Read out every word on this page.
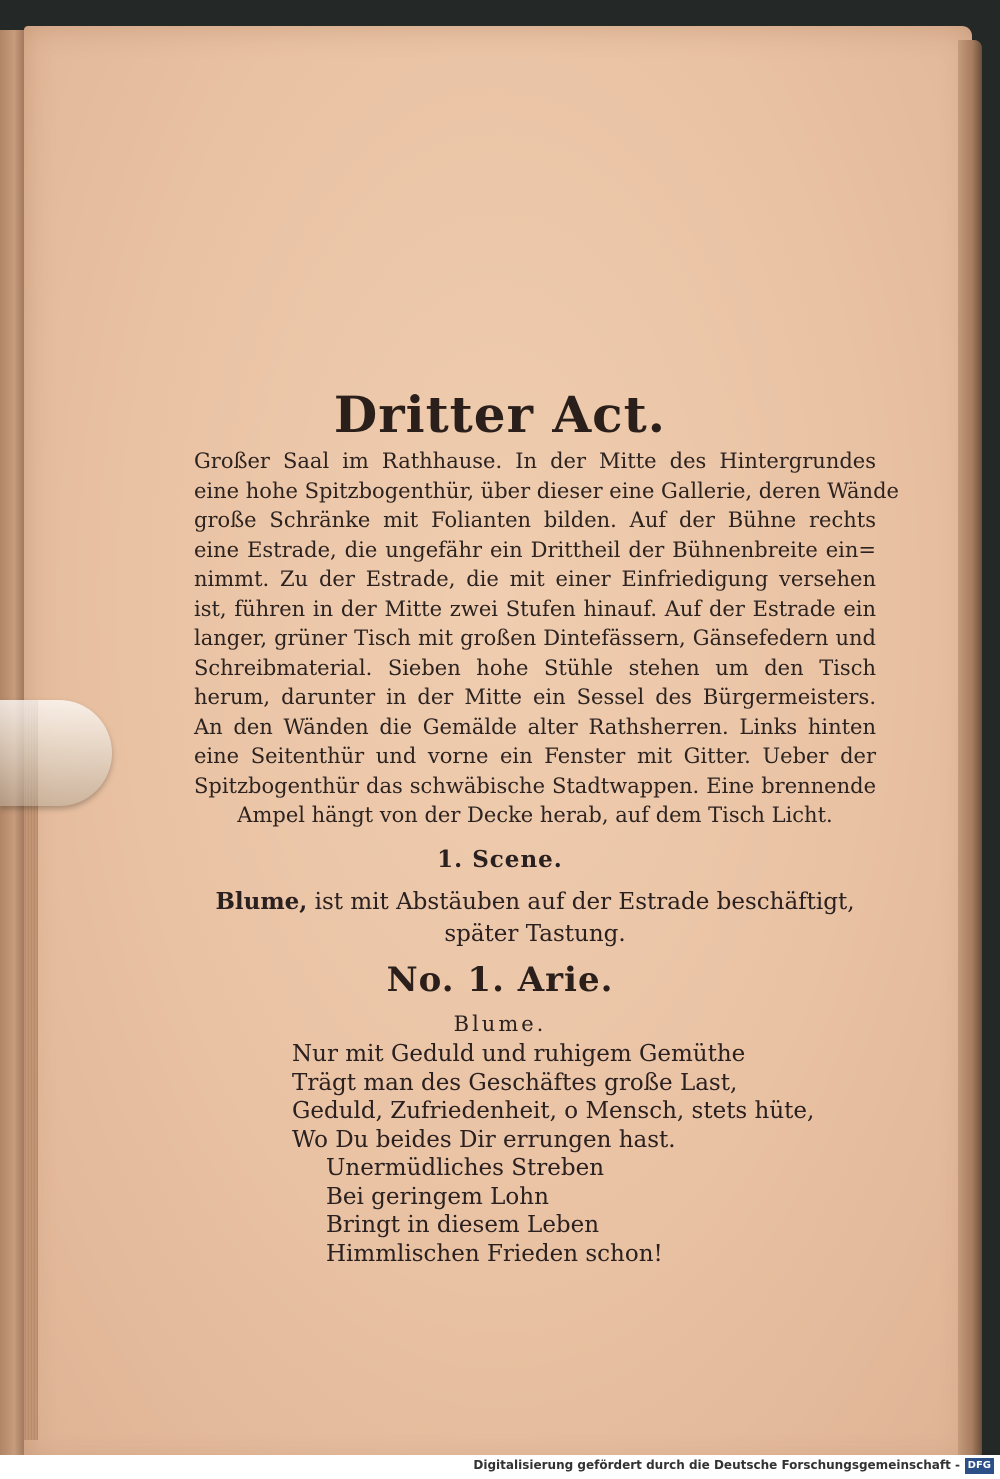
Dritter Act.
Großer Saal im Rathhause. In der Mitte des Hintergrundes
eine hohe Spitzbogenthür, über dieser eine Gallerie, deren Wände
große Schränke mit Folianten bilden. Auf der Bühne rechts
eine Estrade, die ungefähr ein Drittheil der Bühnenbreite ein=
nimmt. Zu der Estrade, die mit einer Einfriedigung versehen
ist, führen in der Mitte zwei Stufen hinauf. Auf der Estrade ein
langer, grüner Tisch mit großen Dintefässern, Gänsefedern und
Schreibmaterial. Sieben hohe Stühle stehen um den Tisch
herum, darunter in der Mitte ein Sessel des Bürgermeisters.
An den Wänden die Gemälde alter Rathsherren. Links hinten
eine Seitenthür und vorne ein Fenster mit Gitter. Ueber der
Spitzbogenthür das schwäbische Stadtwappen. Eine brennende
Ampel hängt von der Decke herab, auf dem Tisch Licht.
1. Scene.
Blume, ist mit Abstäuben auf der Estrade beschäftigt,
später Tastung.
No. 1. Arie.
Blume.
Nur mit Geduld und ruhigem Gemüthe
Trägt man des Geschäftes große Last,
Geduld, Zufriedenheit, o Mensch, stets hüte,
Wo Du beides Dir errungen hast.
Unermüdliches Streben
Bei geringem Lohn
Bringt in diesem Leben
Himmlischen Frieden schon!
Digitalisierung gefördert durch die Deutsche Forschungsgemeinschaft - DFG
